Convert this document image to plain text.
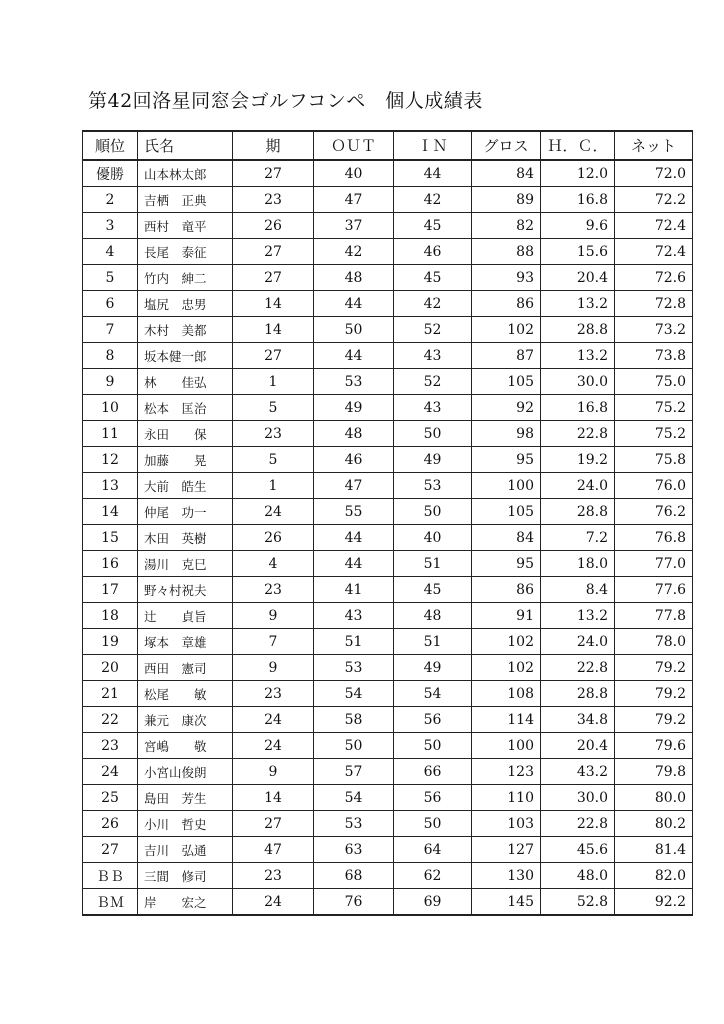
第42回洛星同窓会ゴルフコンペ　個人成績表
順位	氏名	期	ＯＵＴ	ＩＮ	グロス	Ｈ．Ｃ．	ネット
優勝	山本林太郎	27	40	44	84	12.0	72.0
2	吉栖　正典	23	47	42	89	16.8	72.2
3	西村　竜平	26	37	45	82	9.6	72.4
4	長尾　泰征	27	42	46	88	15.6	72.4
5	竹内　紳二	27	48	45	93	20.4	72.6
6	塩尻　忠男	14	44	42	86	13.2	72.8
7	木村　美都	14	50	52	102	28.8	73.2
8	坂本健一郎	27	44	43	87	13.2	73.8
9	林　　佳弘	1	53	52	105	30.0	75.0
10	松本　匡治	5	49	43	92	16.8	75.2
11	永田　　保	23	48	50	98	22.8	75.2
12	加藤　　晃	5	46	49	95	19.2	75.8
13	大前　皓生	1	47	53	100	24.0	76.0
14	仲尾　功一	24	55	50	105	28.8	76.2
15	木田　英樹	26	44	40	84	7.2	76.8
16	湯川　克巳	4	44	51	95	18.0	77.0
17	野々村祝夫	23	41	45	86	8.4	77.6
18	辻　　貞旨	9	43	48	91	13.2	77.8
19	塚本　章雄	7	51	51	102	24.0	78.0
20	西田　憲司	9	53	49	102	22.8	79.2
21	松尾　　敏	23	54	54	108	28.8	79.2
22	兼元　康次	24	58	56	114	34.8	79.2
23	宮嶋　　敬	24	50	50	100	20.4	79.6
24	小宮山俊朗	9	57	66	123	43.2	79.8
25	島田　芳生	14	54	56	110	30.0	80.0
26	小川　哲史	27	53	50	103	22.8	80.2
27	吉川　弘通	47	63	64	127	45.6	81.4
ＢＢ	三間　修司	23	68	62	130	48.0	82.0
ＢＭ	岸　　宏之	24	76	69	145	52.8	92.2
